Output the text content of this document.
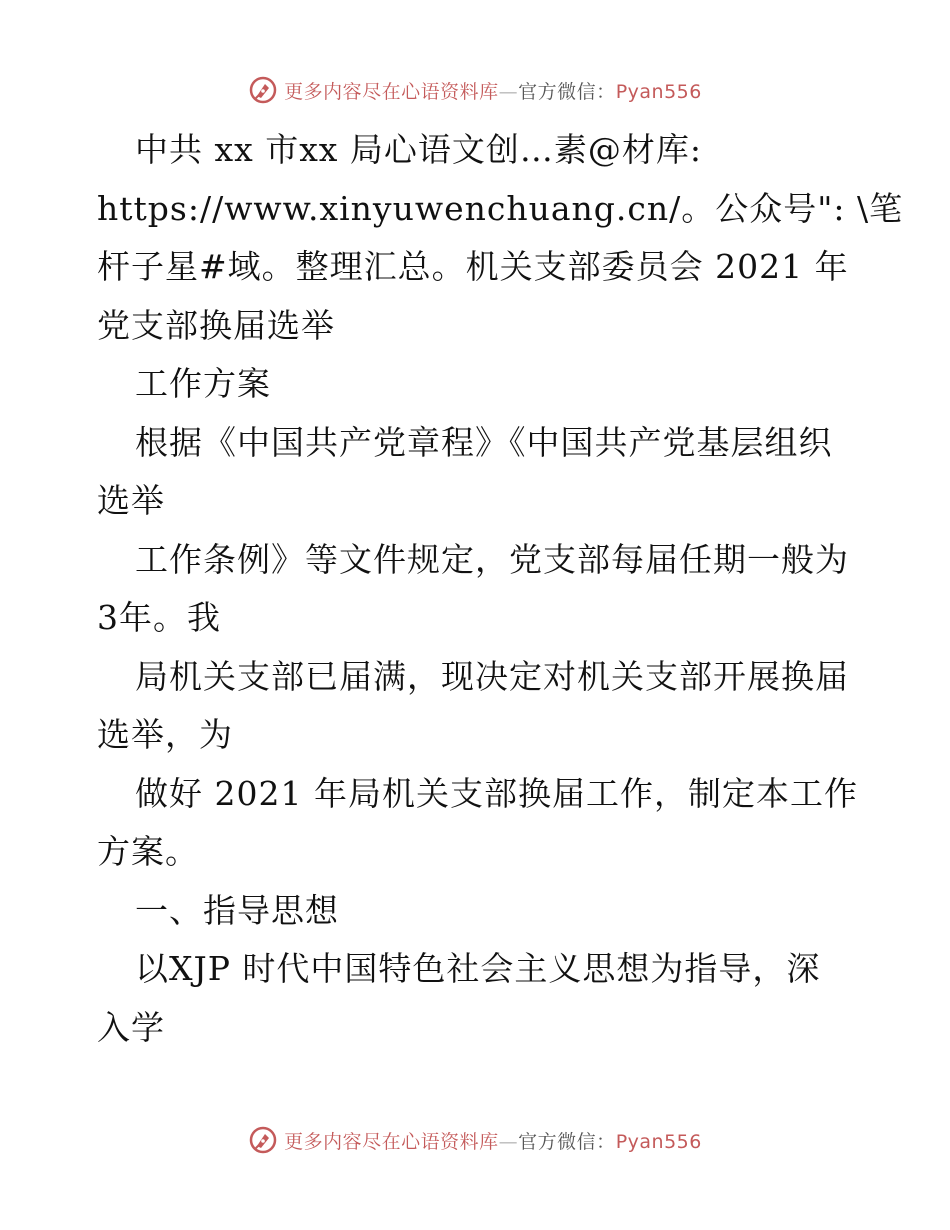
更多内容尽在心语资料库—官方微信：Pyan556
中共 xx 市xx 局心语文创…素@材库:
https://www.xinyuwenchuang.cn/。公众号": \笔
杆子星#域。整理汇总。机关支部委员会 2021 年
党支部换届选举
工作方案
根据《中国共产党章程》《中国共产党基层组织
选举
工作条例》等文件规定，党支部每届任期一般为
3年。我
局机关支部已届满，现决定对机关支部开展换届
选举，为
做好 2021 年局机关支部换届工作，制定本工作
方案。
一、指导思想
以XJP 时代中国特色社会主义思想为指导，深
入学
更多内容尽在心语资料库—官方微信：Pyan556
